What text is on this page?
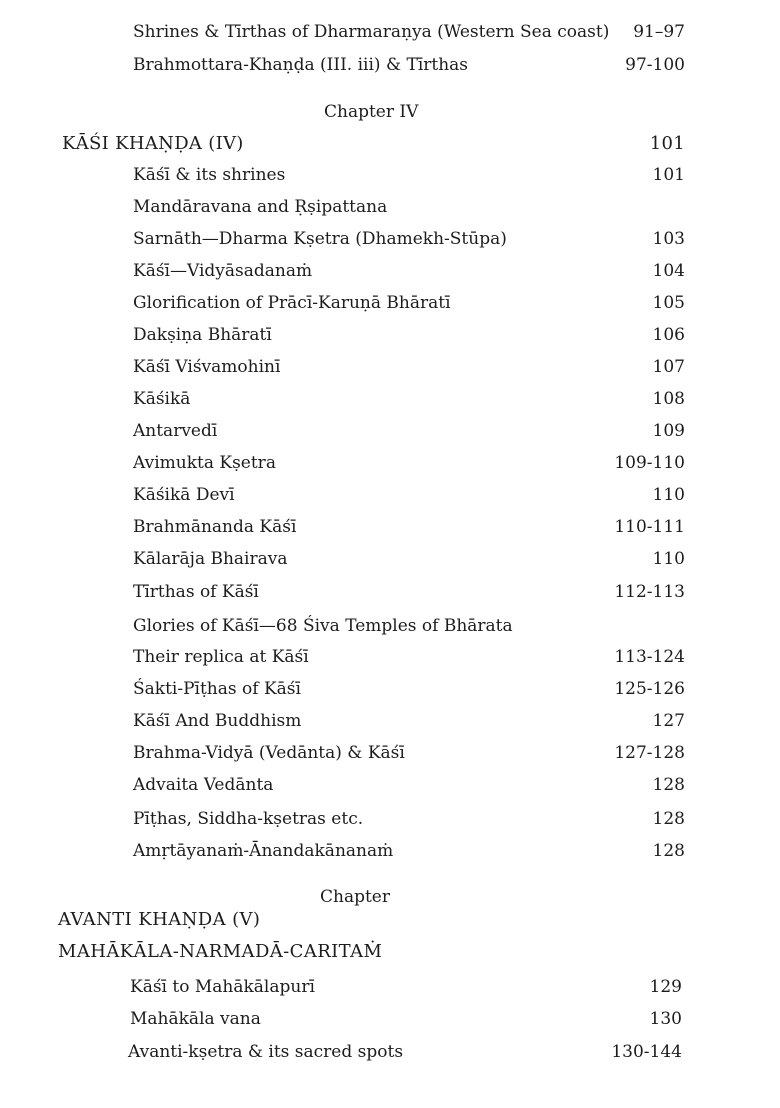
Shrines & Tīrthas of Dharmaraṇya (Western Sea coast) 91–97
Brahmottara-Khaṇḍa (III. iii) & Tīrthas	97-100
Chapter IV
KĀŚI KHAṆḌA (IV)	101
Kāśī & its shrines	101
Mandāravana and Ṛṣipattana
Sarnāth—Dharma Kṣetra (Dhamekh-Stūpa)	103
Kāśī—Vidyāsadanaṁ	104
Glorification of Prācī-Karuṇā Bhāratī	105
Dakṣiṇa Bhāratī	106
Kāśī Viśvamohinī	107
Kāśikā	108
Antarvedī	109
Avimukta Kṣetra	109-110
Kāśikā Devī	110
Brahmānanda Kāśī	110-111
Kālarāja Bhairava	110
Tīrthas of Kāśī	112-113
Glories of Kāśī—68 Śiva Temples of Bhārata
Their replica at Kāśī	113-124
Śakti-Pīṭhas of Kāśī	125-126
Kāśī And Buddhism	127
Brahma-Vidyā (Vedānta) & Kāśī	127-128
Advaita Vedānta	128
Pīṭhas, Siddha-kṣetras etc.	128
Amṛtāyanaṁ-Ānandakānanaṁ	128
Chapter
AVANTI KHAṆḌA (V)
MAHĀKĀLA-NARMADĀ-CARITAṀ
Kāśī to Mahākālapurī	129
Mahākāla vana	130
Avanti-kṣetra & its sacred spots	130-144
